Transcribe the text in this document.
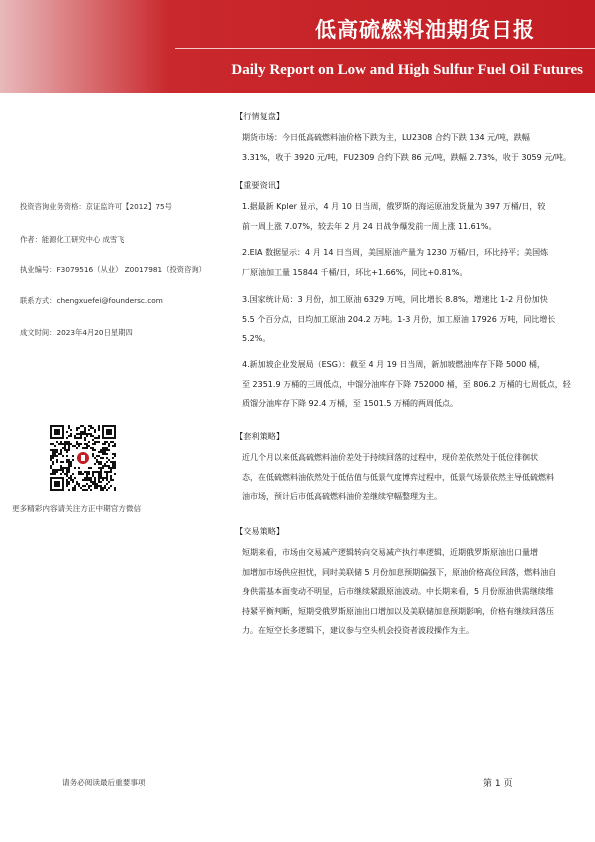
低高硫燃料油期货日报
Daily Report on Low and High Sulfur Fuel Oil Futures
投资咨询业务资格：京证监许可【2012】75号
作者：能源化工研究中心 成雪飞
执业编号：F3079516（从业） Z0017981（投资咨询）
联系方式：chengxuefei@foundersc.com
成文时间：2023年4月20日星期四
更多精彩内容请关注方正中期官方微信
【行情复盘】
期货市场：今日低高硫燃料油价格下跌为主，LU2308 合约下跌 134 元/吨，跌幅
3.31%，收于 3920 元/吨，FU2309 合约下跌 86 元/吨，跌幅 2.73%，收于 3059 元/吨。
【重要资讯】
1.据最新 Kpler 显示，4 月 10 日当周，俄罗斯的海运原油发货量为 397 万桶/日，较
前一周上涨 7.07%，较去年 2 月 24 日战争爆发前一周上涨 11.61%。
2.EIA 数据显示：4 月 14 日当周，美国原油产量为 1230 万桶/日，环比持平；美国炼
厂原油加工量 15844 千桶/日，环比+1.66%，同比+0.81%。
3.国家统计局：3 月份，加工原油 6329 万吨，同比增长 8.8%，增速比 1-2 月份加快
5.5 个百分点，日均加工原油 204.2 万吨。1-3 月份，加工原油 17926 万吨，同比增长
5.2%。
4.新加坡企业发展局（ESG）：截至 4 月 19 日当周，新加坡燃油库存下降 5000 桶，
至 2351.9 万桶的三周低点，中馏分油库存下降 752000 桶，至 806.2 万桶的七周低点，轻
质馏分油库存下降 92.4 万桶，至 1501.5 万桶的两周低点。
【套利策略】
近几个月以来低高硫燃料油价差处于持续回落的过程中，现价差依然处于低位徘徊状
态，在低硫燃料油依然处于低估值与低景气度博弈过程中，低景气场景依然主导低硫燃料
油市场，预计后市低高硫燃料油价差继续窄幅整理为主。
【交易策略】
短期来看，市场由交易减产逻辑转向交易减产执行率逻辑，近期俄罗斯原油出口量增
加增加市场供应担忧，同时美联储 5 月份加息预期偏强下，原油价格高位回落，燃料油自
身供需基本面变动不明显，后市继续紧跟原油波动。中长期来看，5 月份原油供需继续维
持紧平衡判断，短期受俄罗斯原油出口增加以及美联储加息预期影响，价格有继续回落压
力。在短空长多逻辑下，建议参与空头机会投资者波段操作为主。
请务必阅读最后重要事项	第 1 页
